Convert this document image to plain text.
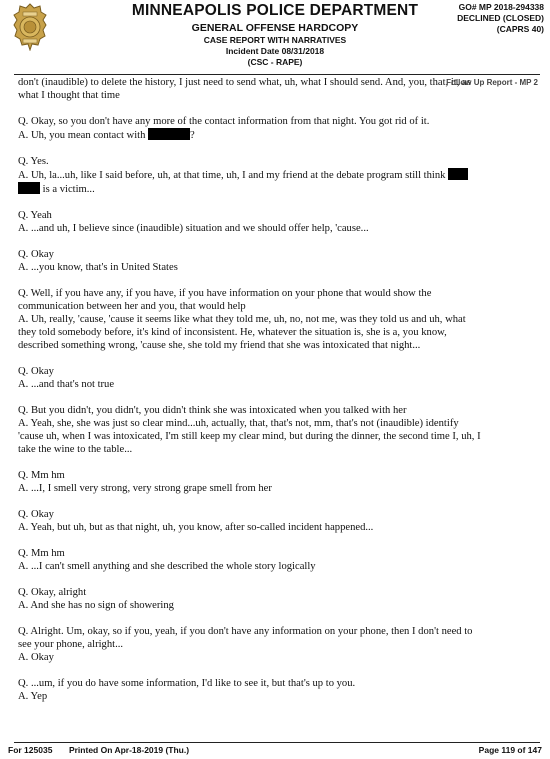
MINNEAPOLIS POLICE DEPARTMENT
GENERAL OFFENSE HARDCOPY
CASE REPORT WITH NARRATIVES
Incident Date 08/31/2018
(CSC - RAPE)
GO# MP 2018-294338
DECLINED (CLOSED)
(CAPRS 40)
don't (inaudible) to delete the history, I just need to send what, uh, what I should send. And, you, that, it, as
Follow Up Report - MP 2
what I thought that time
Q. Okay, so you don't have any more of the contact information from that night. You got rid of it.
A. Uh, you mean contact with	?
Q. Yes.
A. Uh, la...uh, like I said before, uh, at that time, uh, I and my friend at the debate program still think
is a victim...
Q. Yeah
A. ...and uh, I believe since (inaudible) situation and we should offer help, 'cause...
Q. Okay
A. ...you know, that's in United States
Q. Well, if you have any, if you have, if you have information on your phone that would show the
communication between her and you, that would help
A. Uh, really, 'cause, 'cause it seems like what they told me, uh, no, not me, was they told us and uh, what
they told somebody before, it's kind of inconsistent. He, whatever the situation is, she is a, you know,
described something wrong, 'cause she, she told my friend that she was intoxicated that night...
Q. Okay
A. ...and that's not true
Q. But you didn't, you didn't, you didn't think she was intoxicated when you talked with her
A. Yeah, she, she was just so clear mind...uh, actually, that, that's not, mm, that's not (inaudible) identify
'cause uh, when I was intoxicated, I'm still keep my clear mind, but during the dinner, the second time I, uh, I
take the wine to the table...
Q. Mm hm
A. ...I, I smell very strong, very strong grape smell from her
Q. Okay
A. Yeah, but uh, but as that night, uh, you know, after so-called incident happened...
Q. Mm hm
A. ...I can't smell anything and she described the whole story logically
Q. Okay, alright
A. And she has no sign of showering
Q. Alright. Um, okay, so if you, yeah, if you don't have any information on your phone, then I don't need to
see your phone, alright...
A. Okay
Q. ...um, if you do have some information, I'd like to see it, but that's up to you.
A. Yep
For 125035 Printed On Apr-18-2019 (Thu.)	Page 119 of 147
